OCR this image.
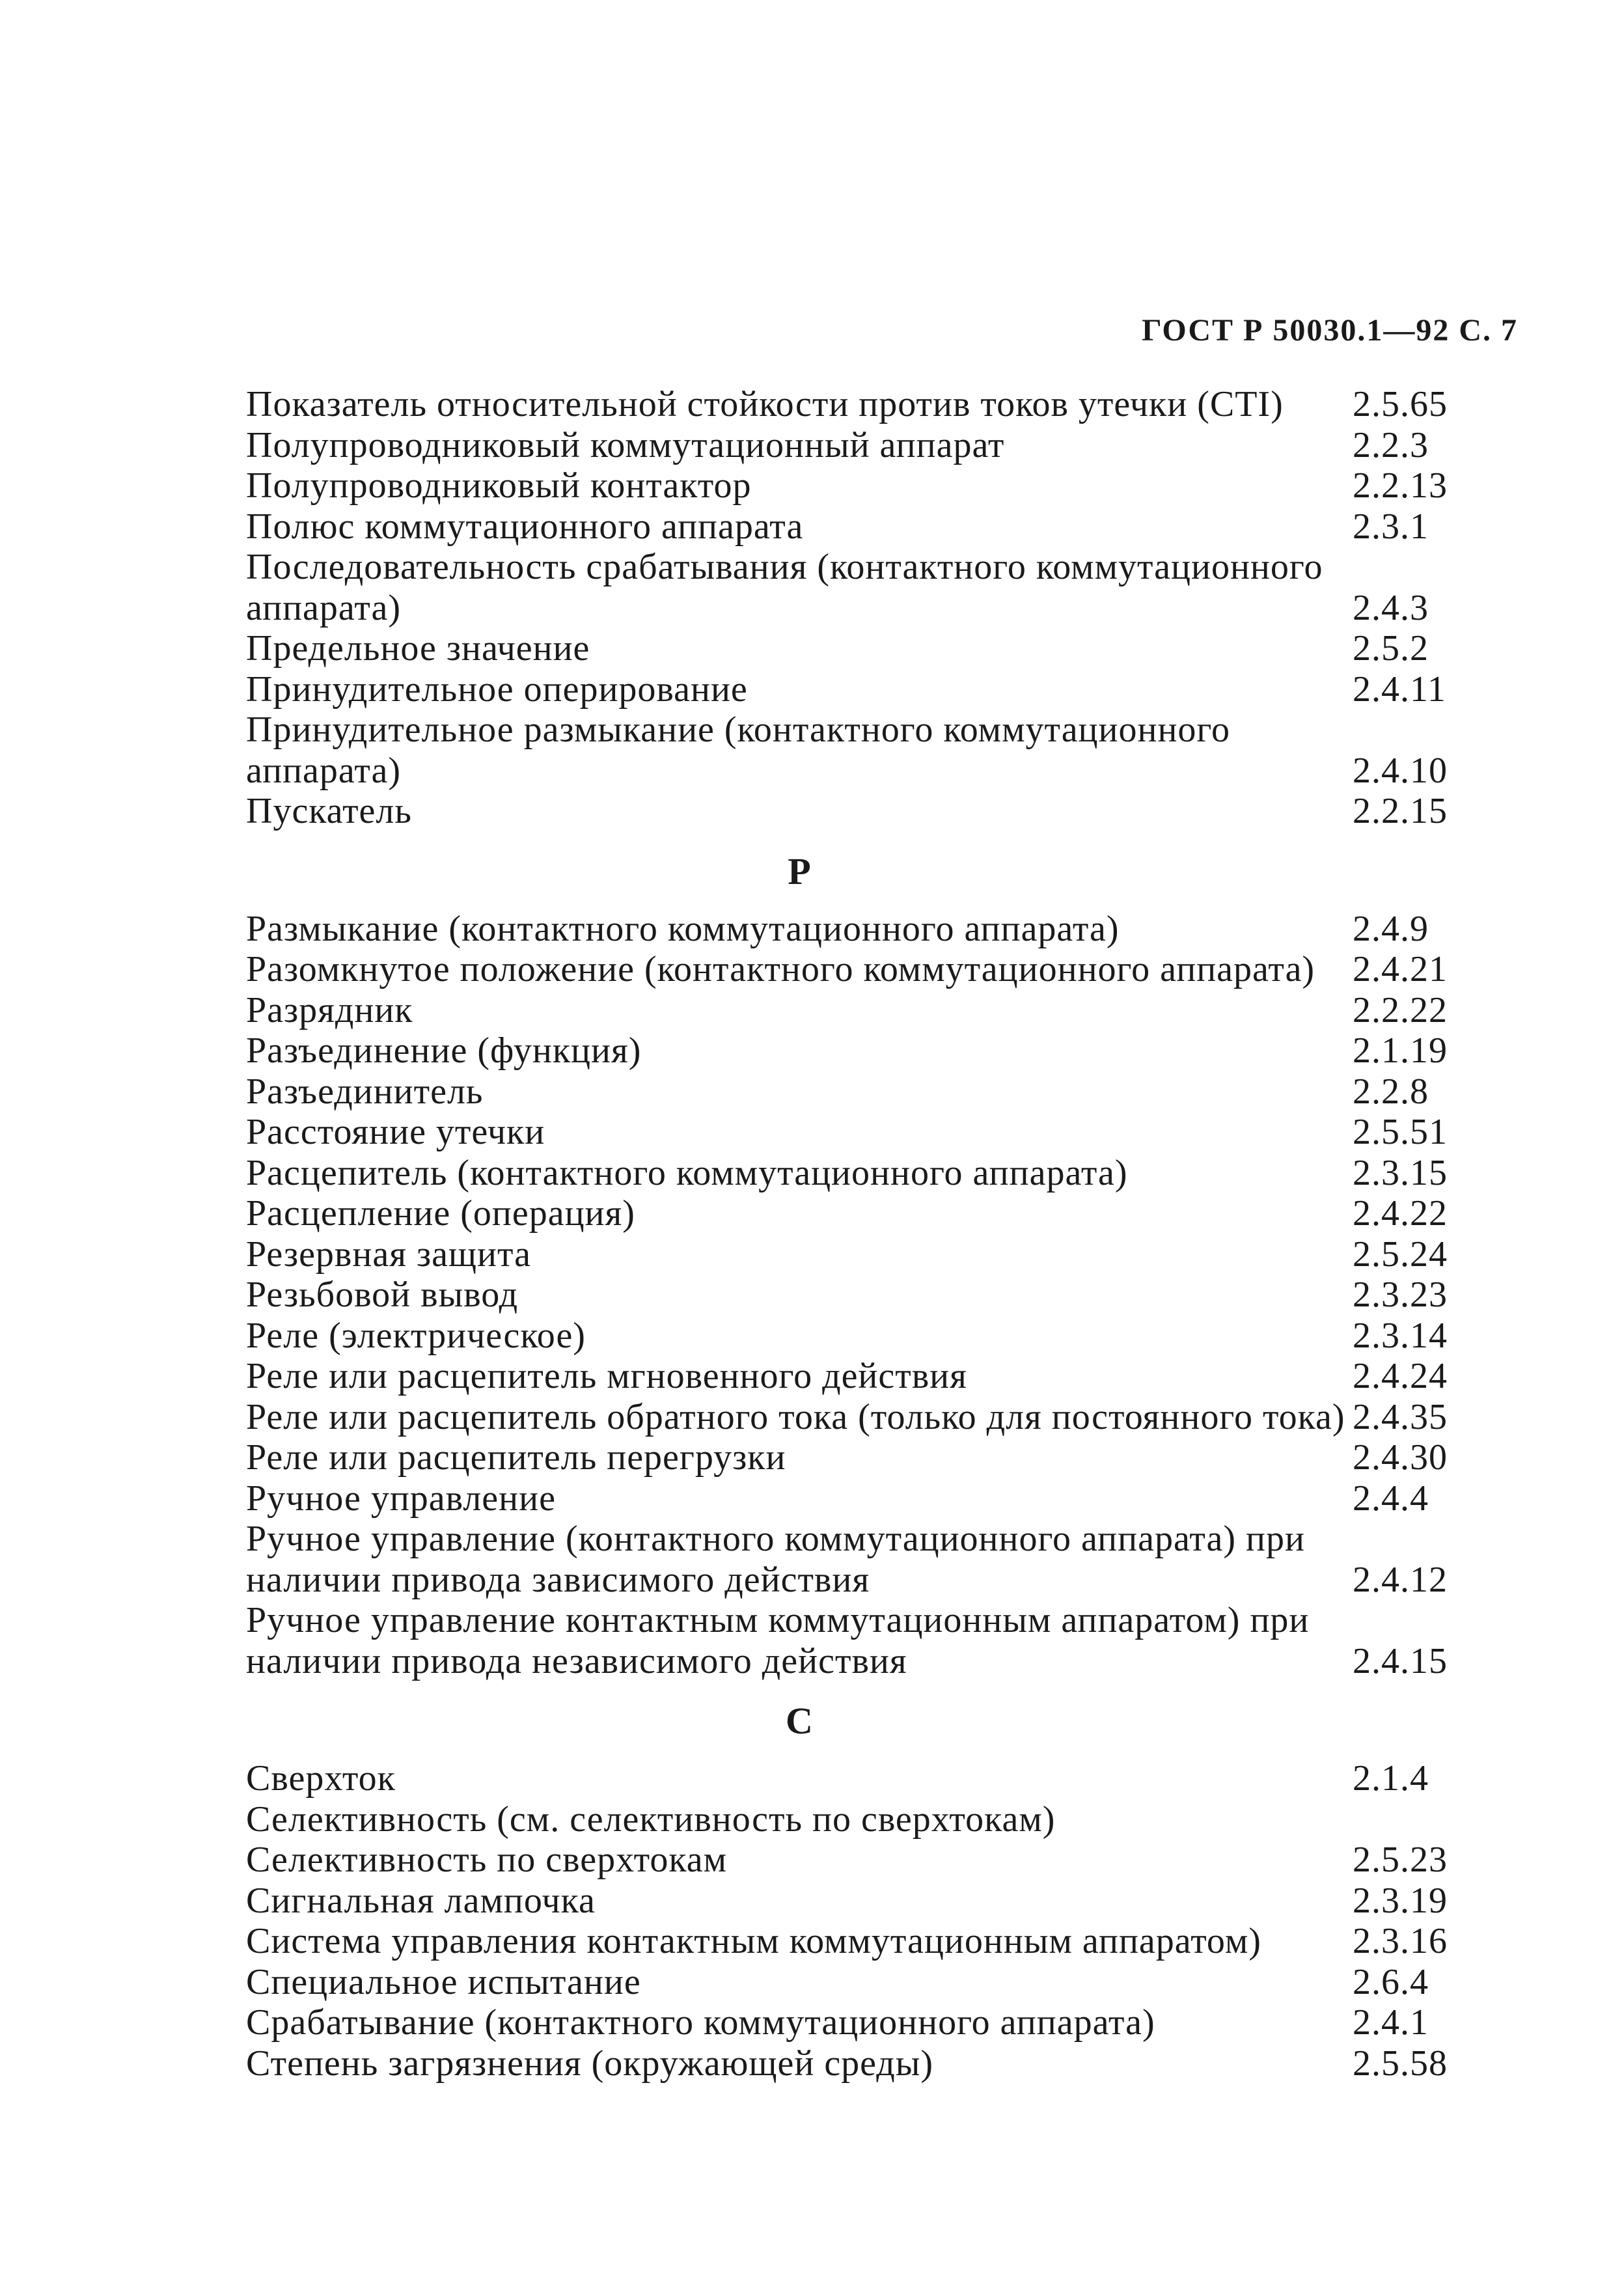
ГОСТ Р 50030.1—92 С. 7
Показатель относительной стойкости против токов утечки (CTI)	2.5.65
Полупроводниковый коммутационный аппарат	2.2.3
Полупроводниковый контактор	2.2.13
Полюс коммутационного аппарата	2.3.1
Последовательность срабатывания (контактного коммутационного аппарата)	2.4.3
Предельное значение	2.5.2
Принудительное оперирование	2.4.11
Принудительное размыкание (контактного коммутационного аппарата)	2.4.10
Пускатель	2.2.15
Р
Размыкание (контактного коммутационного аппарата)	2.4.9
Разомкнутое положение (контактного коммутационного аппарата)	2.4.21
Разрядник	2.2.22
Разъединение (функция)	2.1.19
Разъединитель	2.2.8
Расстояние утечки	2.5.51
Расцепитель (контактного коммутационного аппарата)	2.3.15
Расцепление (операция)	2.4.22
Резервная защита	2.5.24
Резьбовой вывод	2.3.23
Реле (электрическое)	2.3.14
Реле или расцепитель мгновенного действия	2.4.24
Реле или расцепитель обратного тока (только для постоянного тока) 2.4.35
Реле или расцепитель перегрузки	2.4.30
Ручное управление	2.4.4
Ручное управление (контактного коммутационного аппарата) при наличии привода зависимого действия	2.4.12
Ручное управление контактным коммутационным аппаратом) при наличии привода независимого действия	2.4.15
С
Сверхток	2.1.4
Селективность (см. селективность по сверхтокам)
Селективность по сверхтокам	2.5.23
Сигнальная лампочка	2.3.19
Система управления контактным коммутационным аппаратом)	2.3.16
Специальное испытание	2.6.4
Срабатывание (контактного коммутационного аппарата)	2.4.1
Степень загрязнения (окружающей среды)	2.5.58
